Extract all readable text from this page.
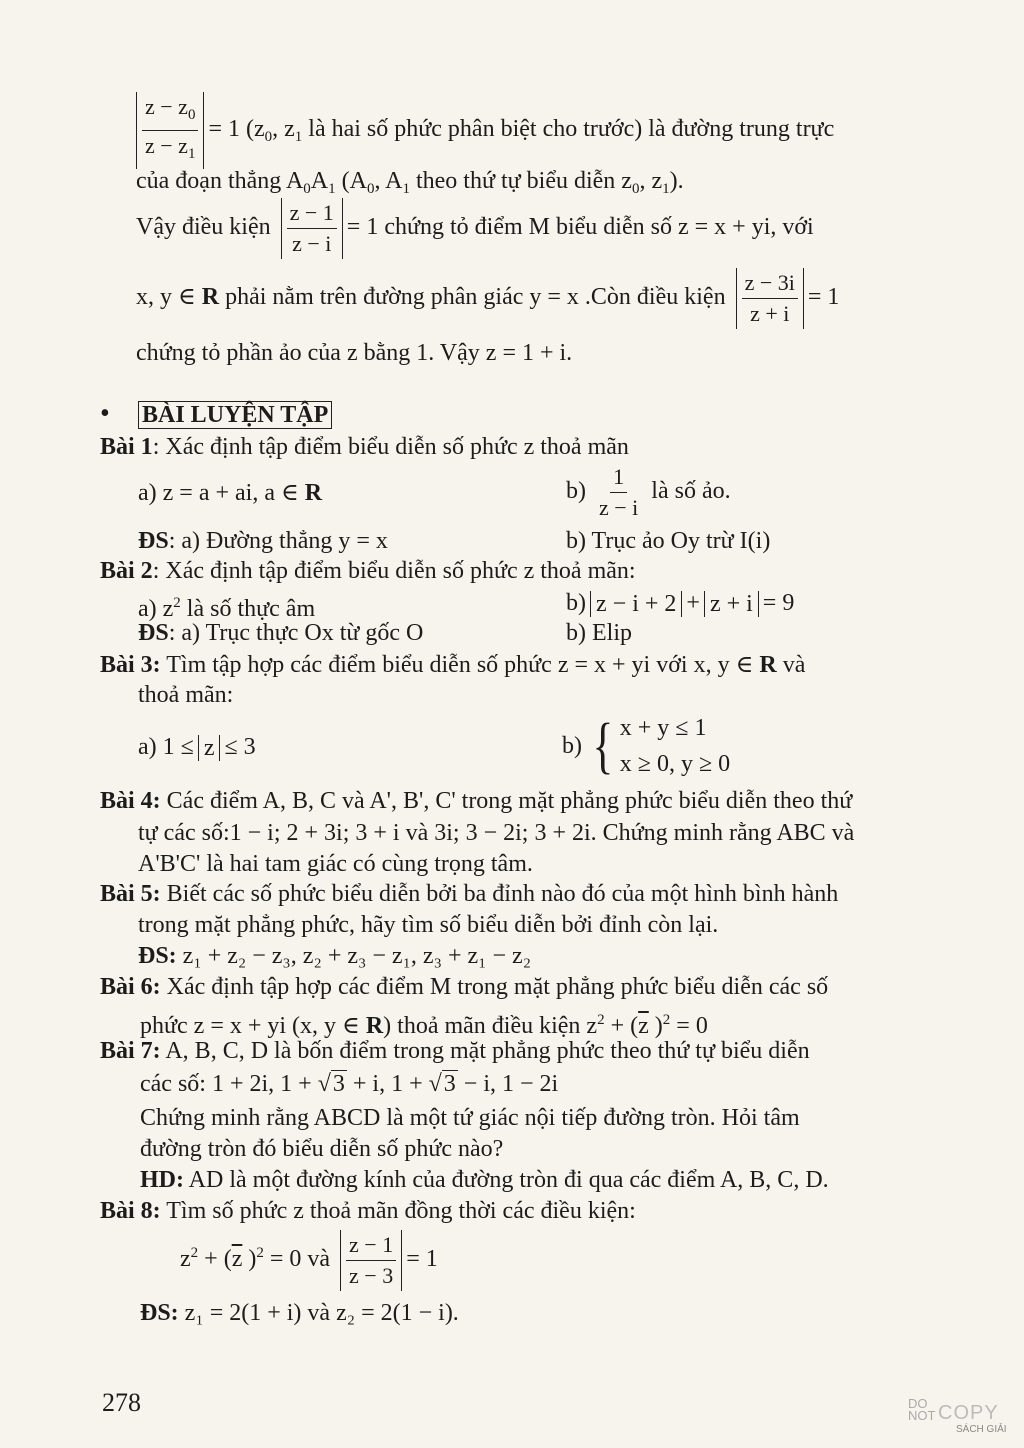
$\frac{z - z_0}{z - z_1} = 1$ ($z_0$, $z_1$ là hai số phức phân biệt cho trước) là đường trung trực
của đoạn thẳng $A_0A_1$ ($A_0$, $A_1$ theo thứ tự biểu diễn $z_0$, $z_1$).
Vậy điều kiện $\frac{z - 1}{z - i} = 1$ chứng tỏ điểm M biểu diễn số z = x + yi, với
x, y ∈ R phải nằm trên đường phân giác y = x .Còn điều kiện $\frac{z - 3i}{z + i} = 1$
chứng tỏ phần ảo của z bằng 1. Vậy z = 1 + i.
• BÀI LUYỆN TẬP
Bài 1: Xác định tập điểm biểu diễn số phức z thoả mãn
a) z = a + ai, a ∈ R	$b) \frac{1}{z - i}$ là số ảo.
ĐS: a) Đường thẳng y = x	b) Trục ảo Oy trừ I(i)
Bài 2: Xác định tập điểm biểu diễn số phức z thoả mãn:
a) $z^2$ là số thực âm	b) z − i + 2 + z + i = 9
ĐS: a) Trục thực Ox từ gốc O	b) Elip
Bài 3: Tìm tập hợp các điểm biểu diễn số phức z = x + yi với x, y ∈ R và
thoả mãn:
a) 1 ≤ z ≤ 3	b) { x + y ≤ 1
x ≥ 0, y ≥ 0
Bài 4: Các điểm A, B, C và A', B', C' trong mặt phẳng phức biểu diễn theo thứ
tự các số:1 − i; 2 + 3i; 3 + i và 3i; 3 − 2i; 3 + 2i. Chứng minh rằng ABC và
A'B'C' là hai tam giác có cùng trọng tâm.
Bài 5: Biết các số phức biểu diễn bởi ba đỉnh nào đó của một hình bình hành
trong mặt phẳng phức, hãy tìm số biểu diễn bởi đỉnh còn lại.
ĐS: z₁ + z₂ − z₃, z₂ + z₃ − z₁, z₃ + z₁ − z₂
Bài 6: Xác định tập hợp các điểm M trong mặt phẳng phức biểu diễn các số
phức z = x + yi (x, y ∈ R) thoả mãn điều kiện $z^2 + (\overline{z}$ )$^2$ = 0
Bài 7: A, B, C, D là bốn điểm trong mặt phẳng phức theo thứ tự biểu diễn
các số: 1 + 2i, 1 + √3 + i, 1 + √3 − i, 1 − 2i
Chứng minh rằng ABCD là một tứ giác nội tiếp đường tròn. Hỏi tâm
đường tròn đó biểu diễn số phức nào?
HD: AD là một đường kính của đường tròn đi qua các điểm A, B, C, D.
Bài 8: Tìm số phức z thoả mãn đồng thời các điều kiện:
$z^2 + (\overline{z}$ )$^2$ = 0 và $\frac{z - 1}{z - 3} = 1$
ĐS: z₁ = 2(1 + i) và z₂ = 2(1 − i).
278	DO
NOT COPY
SÁCH GIẢI
